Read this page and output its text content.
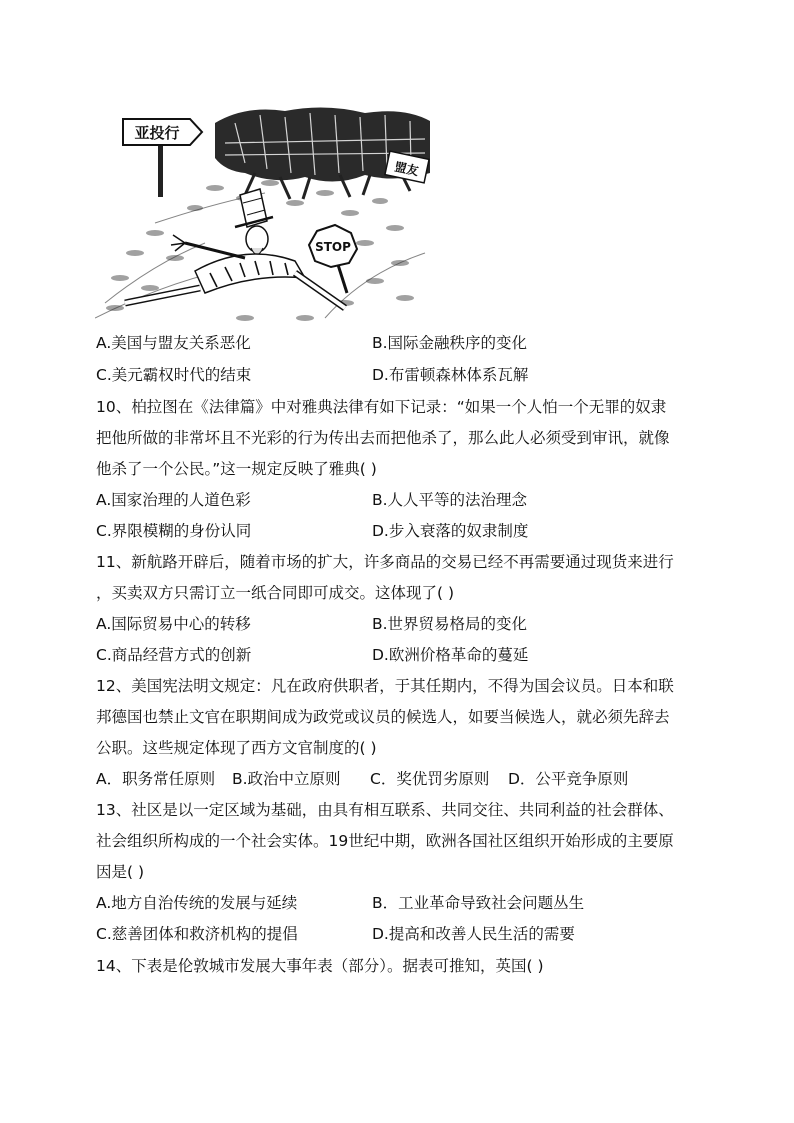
亚投行
盟友
STOP
A.美国与盟友关系恶化	B.国际金融秩序的变化
C.美元霸权时代的结束	D.布雷顿森林体系瓦解
10、柏拉图在《法律篇》中对雅典法律有如下记录：“如果一个人怕一个无罪的奴隶
把他所做的非常坏且不光彩的行为传出去而把他杀了，那么此人必须受到审讯，就像
他杀了一个公民。”这一规定反映了雅典( )
A.国家治理的人道色彩	B.人人平等的法治理念
C.界限模糊的身份认同	D.步入衰落的奴隶制度
11、新航路开辟后，随着市场的扩大，许多商品的交易已经不再需要通过现货来进行
，买卖双方只需订立一纸合同即可成交。这体现了( )
A.国际贸易中心的转移	B.世界贸易格局的变化
C.商品经营方式的创新	D.欧洲价格革命的蔓延
12、美国宪法明文规定：凡在政府供职者，于其任期内，不得为国会议员。日本和联
邦德国也禁止文官在职期间成为政党或议员的候选人，如要当候选人，就必须先辞去
公职。这些规定体现了西方文官制度的( )
A．职务常任原则 B.政治中立原则 C．奖优罚劣原则 D．公平竞争原则
13、社区是以一定区域为基础，由具有相互联系、共同交往、共同利益的社会群体、
社会组织所构成的一个社会实体。19世纪中期，欧洲各国社区组织开始形成的主要原
因是( )
A.地方自治传统的发展与延续	B．工业革命导致社会问题丛生
C.慈善团体和救济机构的提倡	D.提高和改善人民生活的需要
14、下表是伦敦城市发展大事年表（部分）。据表可推知，英国( )
